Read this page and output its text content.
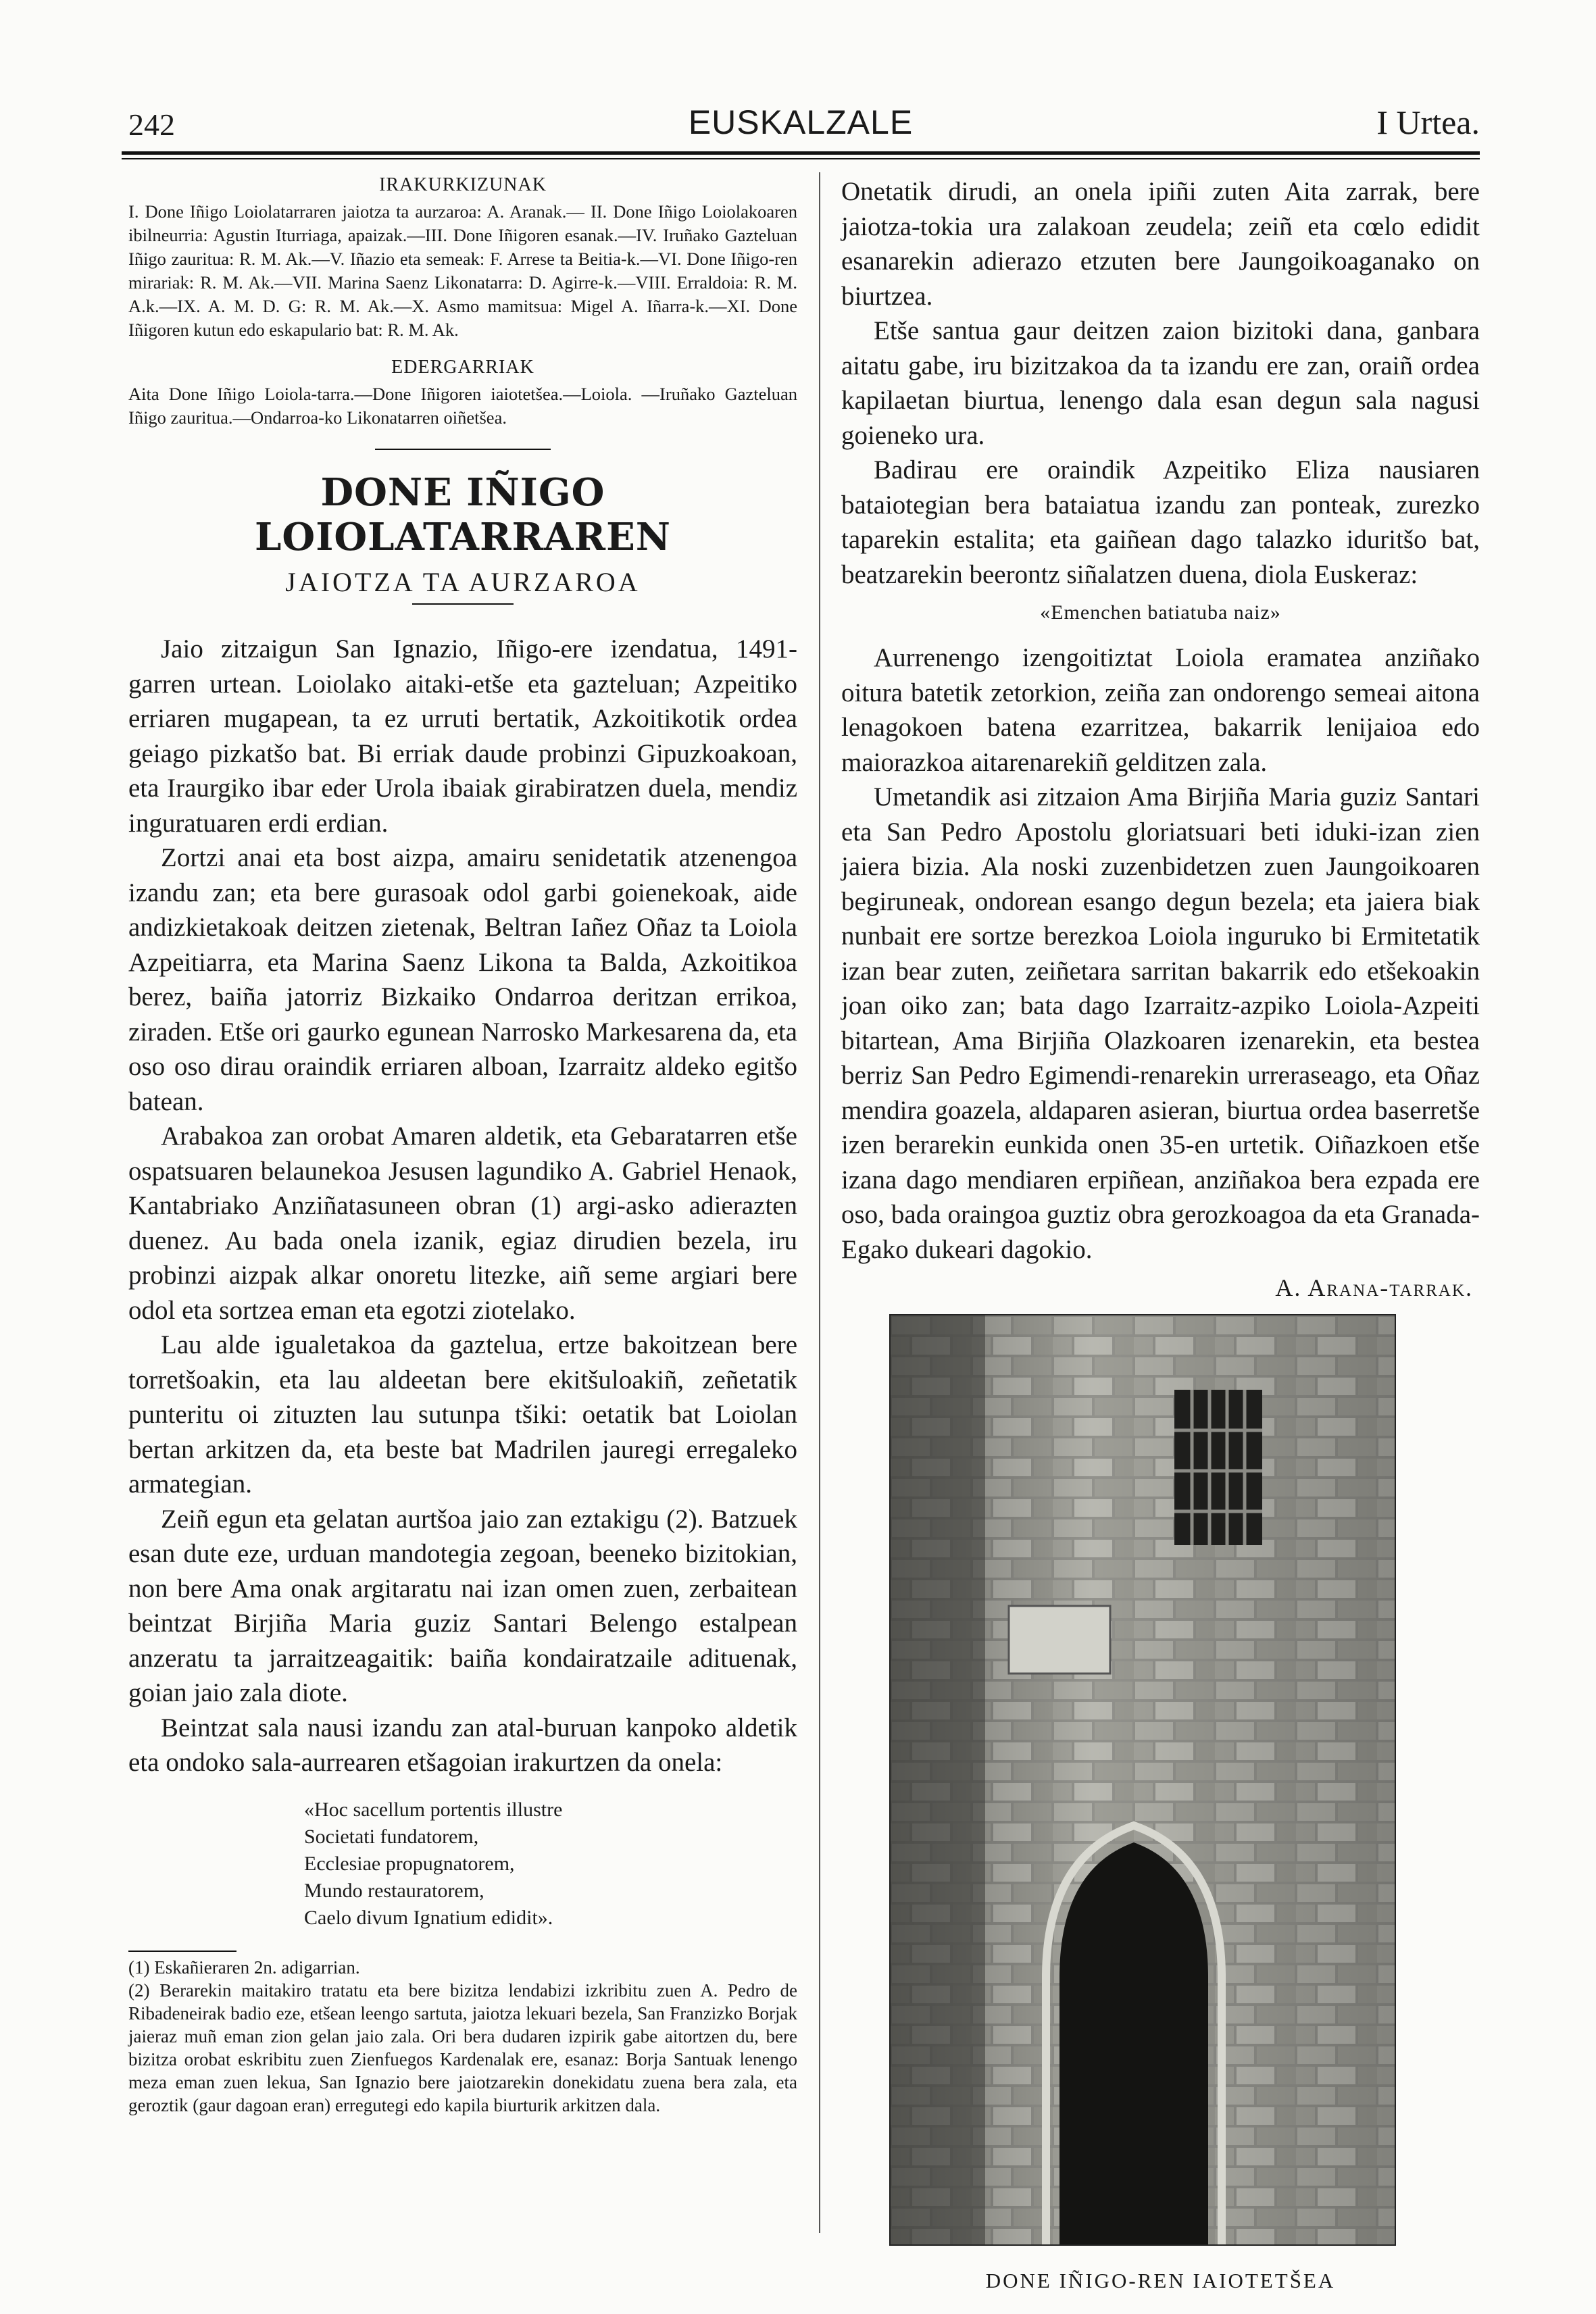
242	EUSKALZALE	I Urtea.
IRAKURKIZUNAK

I. Done Iñigo Loiolatarraren jaiotza ta aurzaroa: A. Aranak.— II. Done Iñigo Loiolakoaren ibilneurria: Agustin Iturriaga, apaizak.—III. Done Iñigoren esanak.—IV. Iruñako Gazteluan Iñigo zauritua: R. M. Ak.—V. Iñazio eta semeak: F. Arrese ta Beitia-k.—VI. Done Iñigo-ren mirariak: R. M. Ak.—VII. Marina Saenz Likonatarra: D. Agirre-k.—VIII. Erraldoia: R. M. A.k.—IX. A. M. D. G: R. M. Ak.—X. Asmo mamitsua: Migel A. Iñarra-k.—XI. Done Iñigoren kutun edo eskapulario bat: R. M. Ak.

EDERGARRIAK

Aita Done Iñigo Loiola-tarra.—Done Iñigoren iaiotetšea.—Loiola. —Iruñako Gazteluan Iñigo zauritua.—Ondarroa-ko Likonatarren oiñetšea.

DONE IÑIGO LOIOLATARRAREN
JAIOTZA TA AURZAROA

Jaio zitzaigun San Ignazio, Iñigo-ere izendatua, 1491-garren urtean. Loiolako aitaki-etše eta gazteluan; Azpeitiko erriaren mugapean, ta ez urruti bertatik, Azkoitikotik ordea geiago pizkatšo bat. Bi erriak daude probinzi Gipuzkoakoan, eta Iraurgiko ibar eder Urola ibaiak girabiratzen duela, mendiz inguratuaren erdi erdian.

Zortzi anai eta bost aizpa, amairu senidetatik atzenengoa izandu zan; eta bere gurasoak odol garbi goienekoak, aide andizkietakoak deitzen zietenak, Beltran Iañez Oñaz ta Loiola Azpeitiarra, eta Marina Saenz Likona ta Balda, Azkoitikoa berez, baiña jatorriz Bizkaiko Ondarroa deritzan errikoa, ziraden. Etše ori gaurko egunean Narrosko Markesarena da, eta oso oso dirau oraindik erriaren alboan, Izarraitz aldeko egitšo batean.

Arabakoa zan orobat Amaren aldetik, eta Gebaratarren etše ospatsuaren belaunekoa Jesusen lagundiko A. Gabriel Henaok, Kantabriako Anziñatasuneen obran (1) argi-asko adierazten duenez. Au bada onela izanik, egiaz dirudien bezela, iru probinzi aizpak alkar onoretu litezke, aiñ seme argiari bere odol eta sortzea eman eta egotzi ziotelako.

Lau alde igualetakoa da gaztelua, ertze bakoitzean bere torretšoakin, eta lau aldeetan bere ekitšuloakiñ, zeñetatik punteritu oi zituzten lau sutunpa tšiki: oetatik bat Loiolan bertan arkitzen da, eta beste bat Madrilen jauregi erregaleko armategian.

Zeiñ egun eta gelatan aurtšoa jaio zan eztakigu (2). Batzuek esan dute eze, urduan mandotegia zegoan, beeneko bizitokian, non bere Ama onak argitaratu nai izan omen zuen, zerbaitean beintzat Birjiña Maria guziz Santari Belengo estalpean anzeratu ta jarraitzeagaitik: baiña kondairatzaile adituenak, goian jaio zala diote.

Beintzat sala nausi izandu zan atal-buruan kanpoko aldetik eta ondoko sala-aurrearen etšagoian irakurtzen da onela:

«Hoc sacellum portentis illustre
Societati fundatorem,
Ecclesiae propugnatorem,
Mundo restauratorem,
Caelo divum Ignatium edidit».

(1) Eskañieraren 2n. adigarrian.

(2) Berarekin maitakiro tratatu eta bere bizitza lendabizi izkribitu zuen A. Pedro de Ribadeneirak badio eze, etšean leengo sartuta, jaiotza lekuari bezela, San Franzizko Borjak jaieraz muñ eman zion gelan jaio zala. Ori bera dudaren izpirik gabe aitortzen du, bere bizitza orobat eskribitu zuen Zienfuegos Kardenalak ere, esanaz: Borja Santuak lenengo meza eman zuen lekua, San Ignazio bere jaiotzarekin donekidatu zuena bera zala, eta geroztik (gaur dagoan eran) erregutegi edo kapila biurturik arkitzen dala.

Onetatik dirudi, an onela ipiñi zuten Aita zarrak, bere jaiotza-tokia ura zalakoan zeudela; zeiñ eta cœlo edidit esanarekin adierazo etzuten bere Jaungoikoaganako on biurtzea.

Etše santua gaur deitzen zaion bizitoki dana, ganbara aitatu gabe, iru bizitzakoa da ta izandu ere zan, oraiñ ordea kapilaetan biurtua, lenengo dala esan degun sala nagusi goieneko ura.

Badirau ere oraindik Azpeitiko Eliza nausiaren bataiotegian bera bataiatua izandu zan ponteak, zurezko taparekin estalita; eta gaiñean dago talazko iduritšo bat, beatzarekin beerontz siñalatzen duena, diola Euskeraz:

«Emenchen batiatuba naiz»

Aurrenengo izengoitiztat Loiola eramatea anziñako oitura batetik zetorkion, zeiña zan ondorengo semeai aitona lenagokoen batena ezarritzea, bakarrik lenijaioa edo maiorazkoa aitarenarekiñ gelditzen zala.

Umetandik asi zitzaion Ama Birjiña Maria guziz Santari eta San Pedro Apostolu gloriatsuari beti iduki-izan zien jaiera bizia. Ala noski zuzenbidetzen zuen Jaungoikoaren begiruneak, ondorean esango degun bezela; eta jaiera biak nunbait ere sortze berezkoa Loiola inguruko bi Ermitetatik izan bear zuten, zeiñetara sarritan bakarrik edo etšekoakin joan oiko zan; bata dago Izarraitz-azpiko Loiola-Azpeiti bitartean, Ama Birjiña Olazkoaren izenarekin, eta bestea berriz San Pedro Egimendi-renarekin urreraseago, eta Oñaz mendira goazela, aldaparen asieran, biurtua ordea baserretše izen berarekin eunkida onen 35-en urtetik. Oiñazkoen etše izana dago mendiaren erpiñean, anziñakoa bera ezpada ere oso, bada oraingoa guztiz obra gerozkoagoa da eta Granada-Egako dukeari dagokio.

A. Arana-tarrak.
DONE IÑIGO-REN IAIOTETŠEA
